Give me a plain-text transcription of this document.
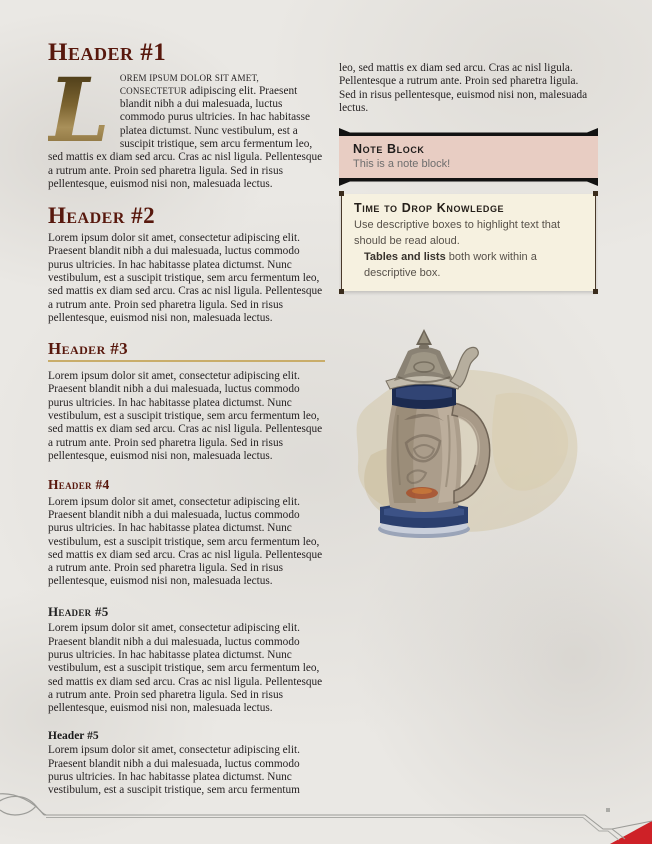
Header #1

L	OREM IPSUM DOLOR SIT AMET, CONSECTETUR adipiscing elit. Praesent blandit nibh a dui malesuada, luctus commodo purus ultricies. In hac habitasse platea dictumst. Nunc vestibulum, est a suscipit tristique, sem arcu fermentum leo, sed mattis ex diam sed arcu. Cras ac nisl ligula. Pellentesque a rutrum ante. Proin sed pharetra ligula. Sed in risus pellentesque, euismod nisi non, malesuada lectus.

Header #2

Lorem ipsum dolor sit amet, consectetur adipiscing elit. Praesent blandit nibh a dui malesuada, luctus commodo purus ultricies. In hac habitasse platea dictumst. Nunc vestibulum, est a suscipit tristique, sem arcu fermentum leo, sed mattis ex diam sed arcu. Cras ac nisl ligula. Pellentesque a rutrum ante. Proin sed pharetra ligula. Sed in risus pellentesque, euismod nisi non, malesuada lectus.

Header #3

Lorem ipsum dolor sit amet, consectetur adipiscing elit. Praesent blandit nibh a dui malesuada, luctus commodo purus ultricies. In hac habitasse platea dictumst. Nunc vestibulum, est a suscipit tristique, sem arcu fermentum leo, sed mattis ex diam sed arcu. Cras ac nisl ligula. Pellentesque a rutrum ante. Proin sed pharetra ligula. Sed in risus pellentesque, euismod nisi non, malesuada lectus.

Header #4

Lorem ipsum dolor sit amet, consectetur adipiscing elit. Praesent blandit nibh a dui malesuada, luctus commodo purus ultricies. In hac habitasse platea dictumst. Nunc vestibulum, est a suscipit tristique, sem arcu fermentum leo, sed mattis ex diam sed arcu. Cras ac nisl ligula. Pellentesque a rutrum ante. Proin sed pharetra ligula. Sed in risus pellentesque, euismod nisi non, malesuada lectus.

Header #5

Lorem ipsum dolor sit amet, consectetur adipiscing elit. Praesent blandit nibh a dui malesuada, luctus commodo purus ultricies. In hac habitasse platea dictumst. Nunc vestibulum, est a suscipit tristique, sem arcu fermentum leo, sed mattis ex diam sed arcu. Cras ac nisl ligula. Pellentesque a rutrum ante. Proin sed pharetra ligula. Sed in risus pellentesque, euismod nisi non, malesuada lectus.

Header #5

Lorem ipsum dolor sit amet, consectetur adipiscing elit. Praesent blandit nibh a dui malesuada, luctus commodo purus ultricies. In hac habitasse platea dictumst. Nunc vestibulum, est a suscipit tristique, sem arcu fermentum

leo, sed mattis ex diam sed arcu. Cras ac nisl ligula. Pellentesque a rutrum ante. Proin sed pharetra ligula. Sed in risus pellentesque, euismod nisi non, malesuada lectus.

Note Block

This is a note block!

Time to Drop Knowledge

Use descriptive boxes to highlight text that should be read aloud.
Tables and lists both work within a descriptive box.
